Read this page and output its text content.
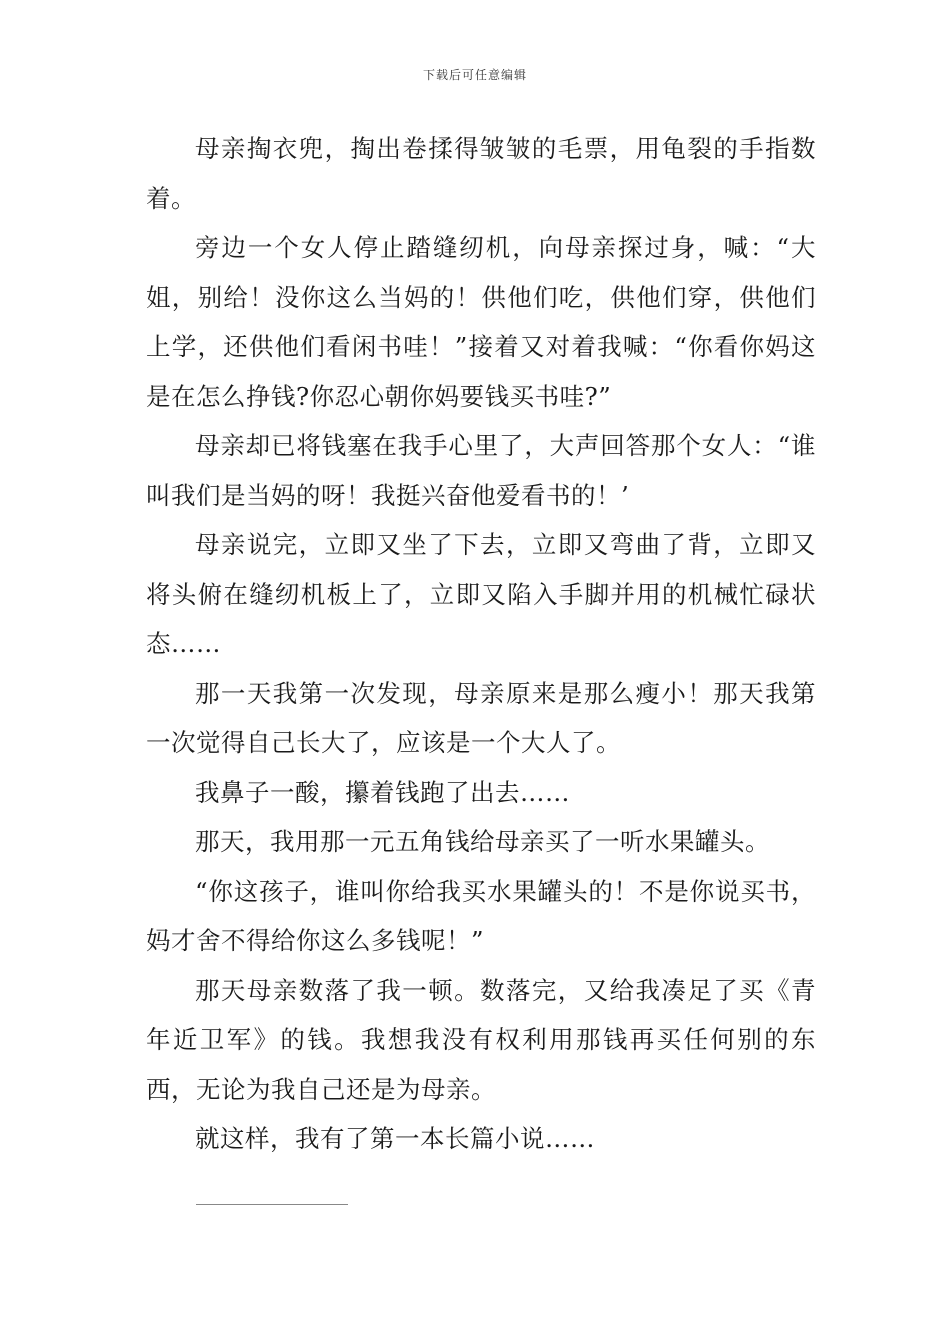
下载后可任意编辑

母亲掏衣兜，掏出卷揉得皱皱的毛票，用龟裂的手指数着。

旁边一个女人停止踏缝纫机，向母亲探过身，喊：“大姐，别给！没你这么当妈的！供他们吃，供他们穿，供他们上学，还供他们看闲书哇！”接着又对着我喊：“你看你妈这是在怎么挣钱?你忍心朝你妈要钱买书哇?”

母亲却已将钱塞在我手心里了，大声回答那个女人：“谁叫我们是当妈的呀！我挺兴奋他爱看书的！’

母亲说完，立即又坐了下去，立即又弯曲了背，立即又将头俯在缝纫机板上了，立即又陷入手脚并用的机械忙碌状态……

那一天我第一次发现，母亲原来是那么瘦小！那天我第一次觉得自己长大了，应该是一个大人了。

我鼻子一酸，攥着钱跑了出去……

那天，我用那一元五角钱给母亲买了一听水果罐头。

“你这孩子，谁叫你给我买水果罐头的！不是你说买书，妈才舍不得给你这么多钱呢！”

那天母亲数落了我一顿。数落完，又给我凑足了买《青年近卫军》的钱。我想我没有权利用那钱再买任何别的东西，无论为我自己还是为母亲。

就这样，我有了第一本长篇小说……
